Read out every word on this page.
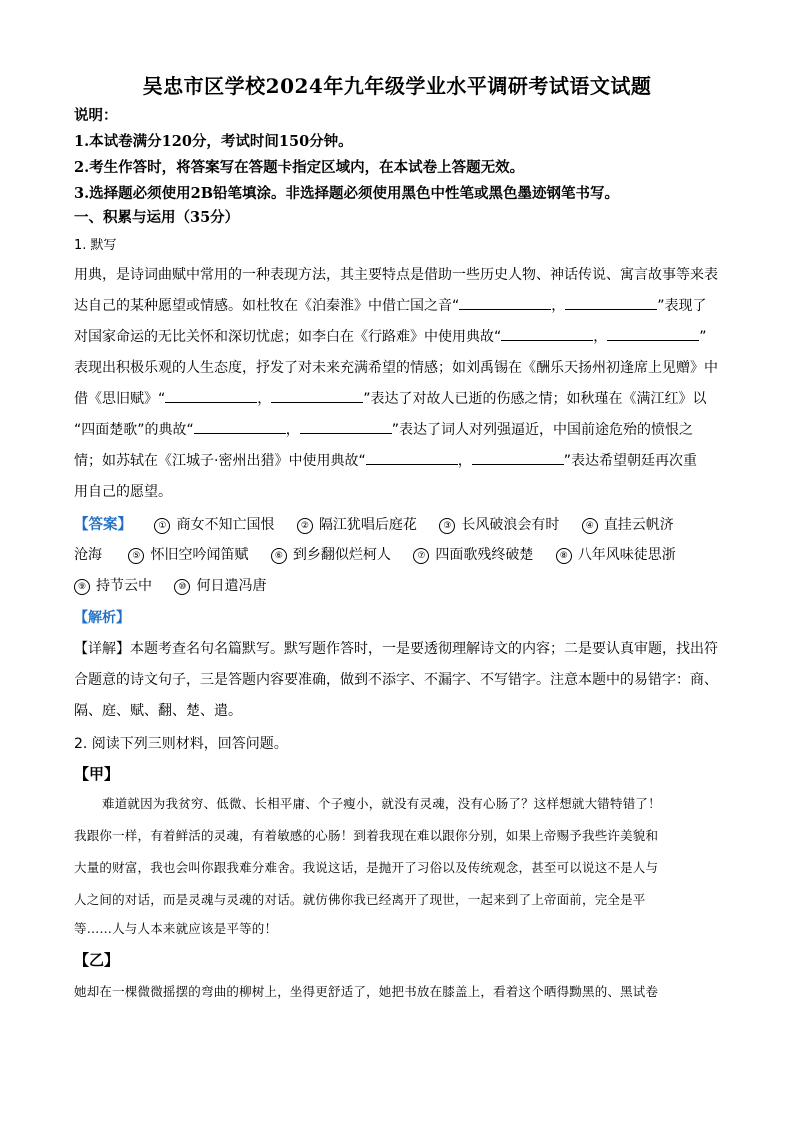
吴忠市区学校2024年九年级学业水平调研考试语文试题
说明：
1.本试卷满分120分，考试时间150分钟。
2.考生作答时，将答案写在答题卡指定区域内，在本试卷上答题无效。
3.选择题必须使用2B铅笔填涂。非选择题必须使用黑色中性笔或黑色墨迹钢笔书写。
一、积累与运用（35分）
1. 默写
用典，是诗词曲赋中常用的一种表现方法，其主要特点是借助一些历史人物、神话传说、寓言故事等来表
达自己的某种愿望或情感。如杜牧在《泊秦淮》中借亡国之音“	，	”表现了
对国家命运的无比关怀和深切忧虑；如李白在《行路难》中使用典故“	，	”
表现出积极乐观的人生态度，抒发了对未来充满希望的情感；如刘禹锡在《酬乐天扬州初逢席上见赠》中
借《思旧赋》“	，	”表达了对故人已逝的伤感之情；如秋瑾在《满江红》以
“四面楚歌”的典故“	，	”表达了词人对列强逼近，中国前途危殆的愤恨之
情；如苏轼在《江城子·密州出猎》中使用典故“	，	”表达希望朝廷再次重
用自己的愿望。
【答案】	① 商女不知亡国恨	② 隔江犹唱后庭花	③ 长风破浪会有时	④ 直挂云帆济
沧海	⑤ 怀旧空吟闻笛赋	⑥ 到乡翻似烂柯人	⑦ 四面歌残终破楚	⑧ 八年风味徒思浙
⑨ 持节云中	⑩ 何日遣冯唐
【解析】
【详解】本题考查名句名篇默写。默写题作答时，一是要透彻理解诗文的内容；二是要认真审题，找出符
合题意的诗文句子，三是答题内容要准确，做到不添字、不漏字、不写错字。注意本题中的易错字：商、
隔、庭、赋、翻、楚、遣。
2. 阅读下列三则材料，回答问题。
【甲】
难道就因为我贫穷、低微、长相平庸、个子瘦小，就没有灵魂，没有心肠了？这样想就大错特错了！
我跟你一样，有着鲜活的灵魂，有着敏感的心肠！到着我现在难以跟你分别，如果上帝赐予我些许美貌和
大量的财富，我也会叫你跟我难分难舍。我说这话，是抛开了习俗以及传统观念，甚至可以说这不是人与
人之间的对话，而是灵魂与灵魂的对话。就仿佛你我已经离开了现世，一起来到了上帝面前，完全是平
等……人与人本来就应该是平等的！
【乙】
她却在一棵微微摇摆的弯曲的柳树上，坐得更舒适了，她把书放在膝盖上，看着这个晒得黝黑的、黑试卷
